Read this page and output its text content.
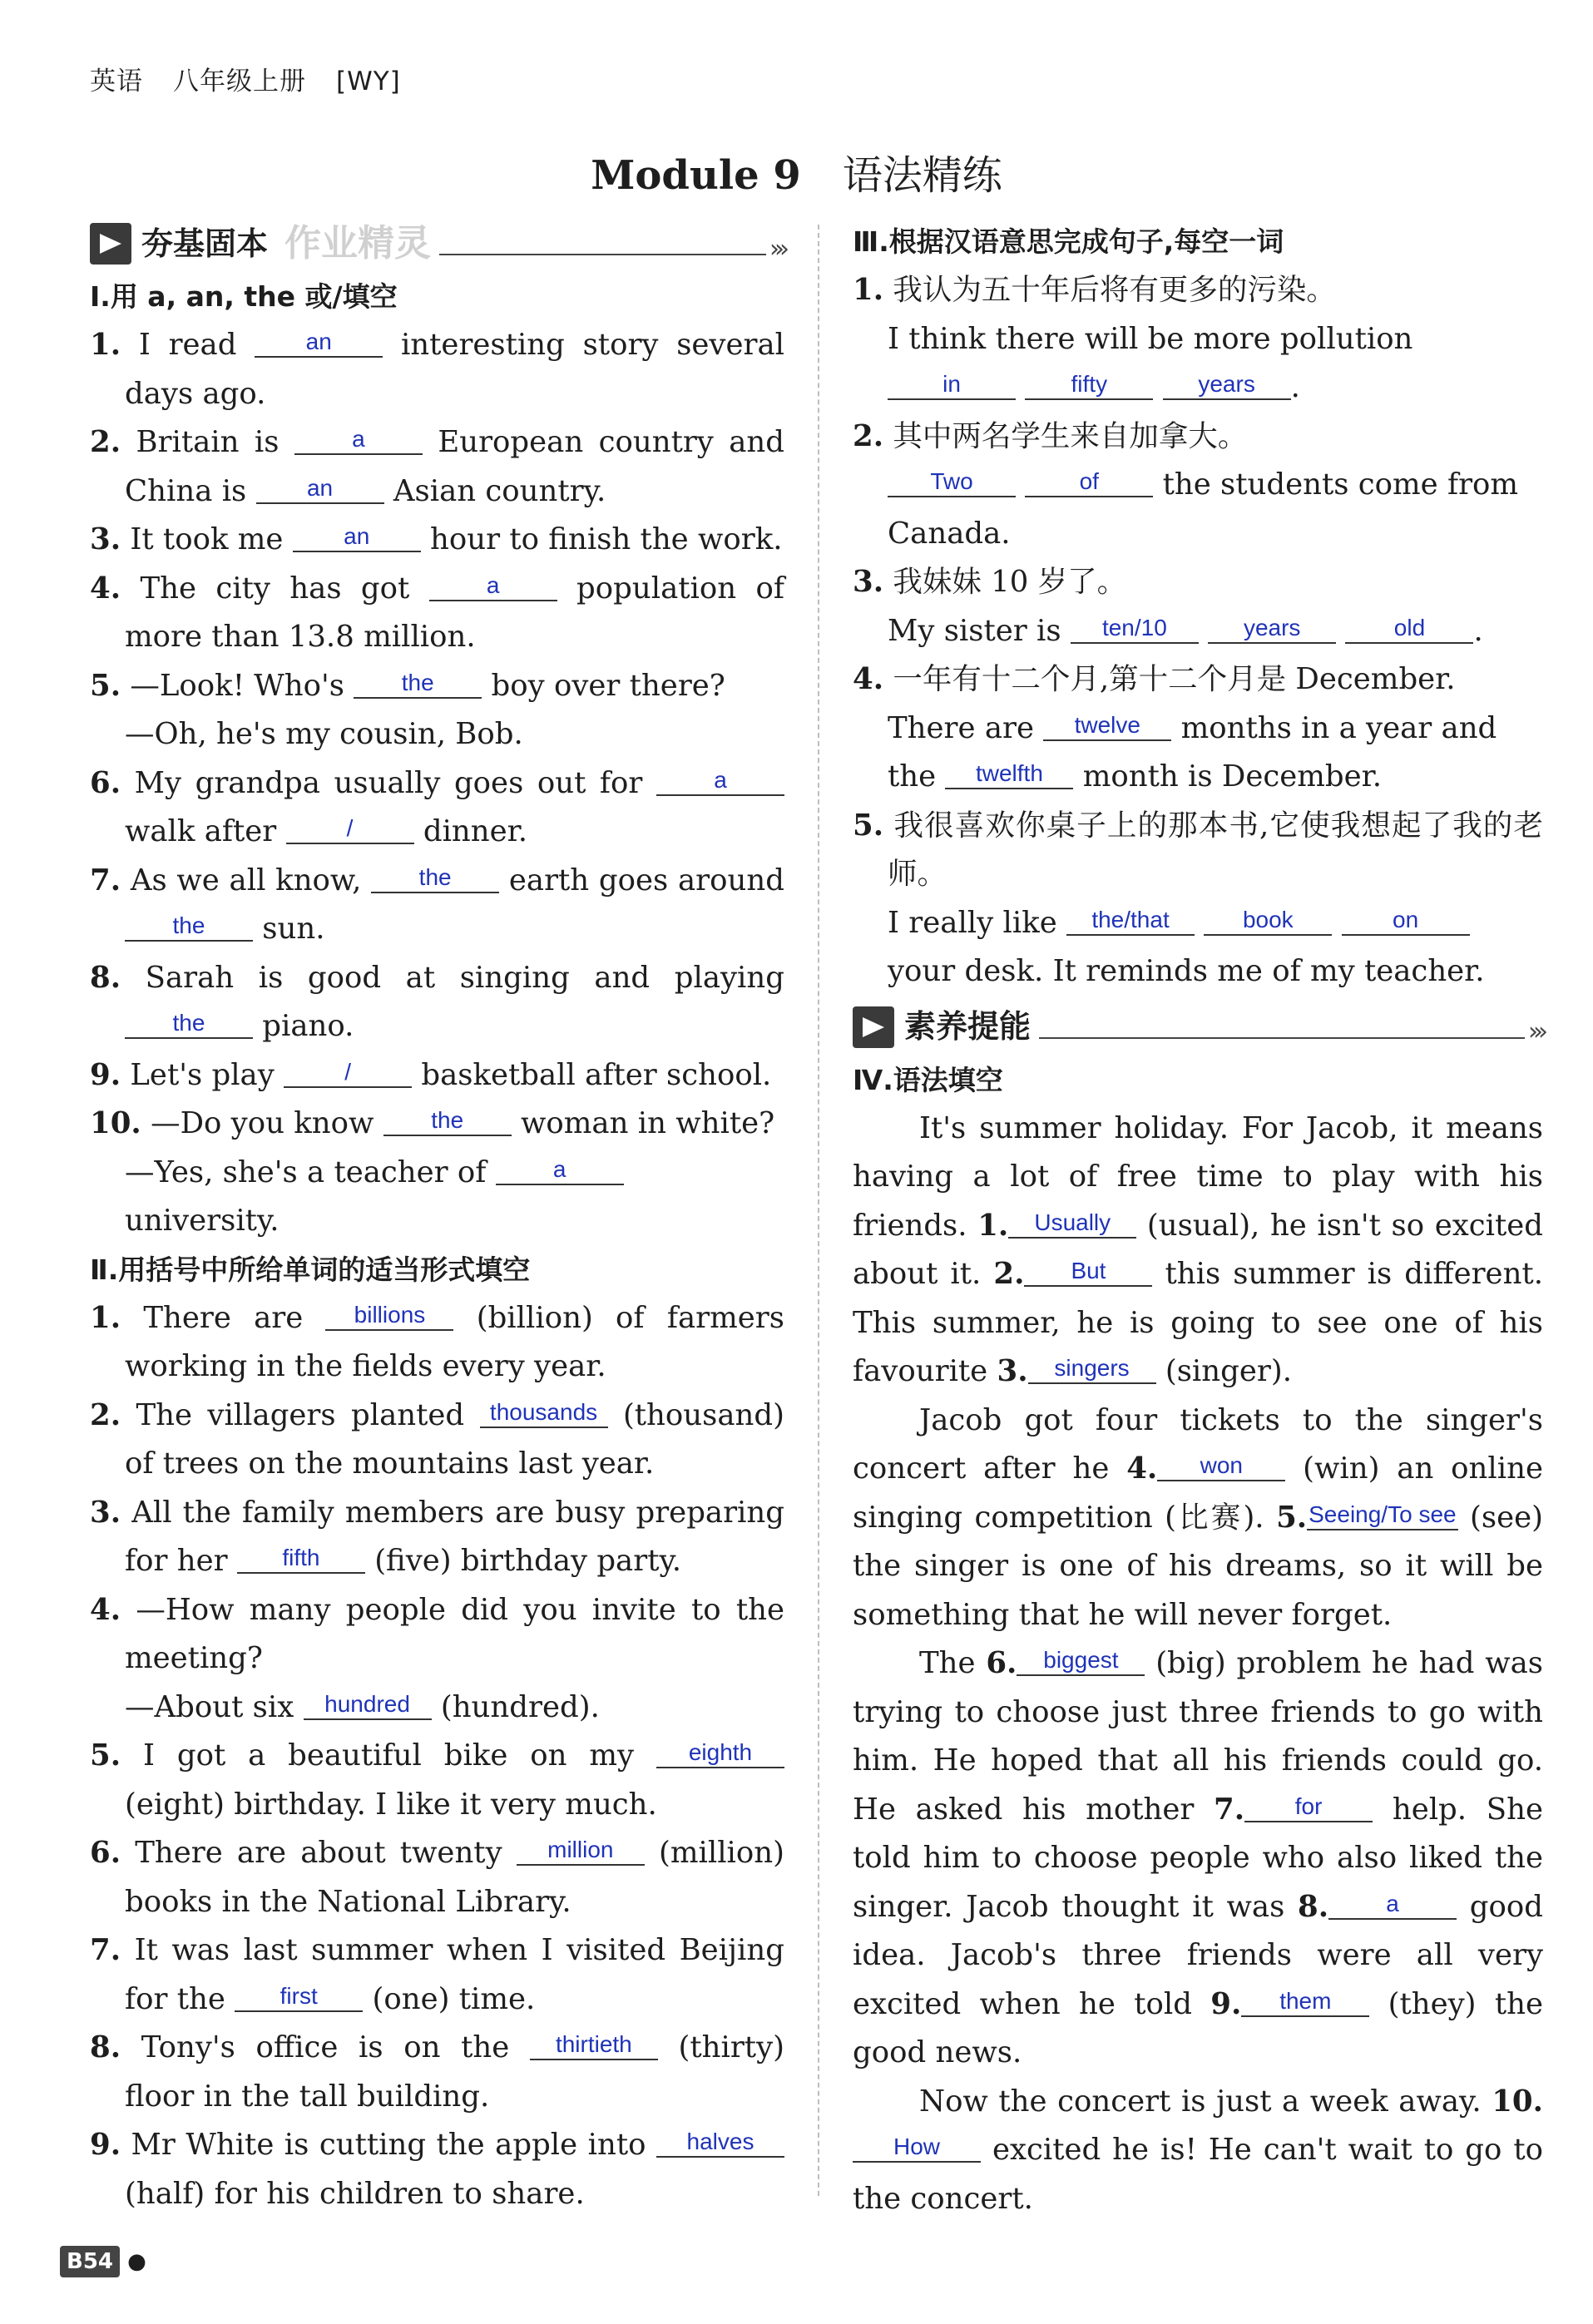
英语 八年级上册 [WY]
Module 9 语法精练
夯基固本 作业精灵	›››
Ⅰ.用 a, an, the 或/填空
1. I read	an interesting story several days ago.
2. Britain is	a European country and China is	an Asian country.
3. It took me	an hour to finish the work.
4. The city has got	a	population of more than 13.8 million.
5. —Look! Who's the boy over there?
—Oh, he's my cousin, Bob.
6. My grandpa usually goes out for	a walk after	/ dinner.
7. As we all know, the earth goes around the sun.
8. Sarah is good at singing and playing the piano.
9. Let's play	/ basketball after school.
10. —Do you know the woman in white?
—Yes, she's a teacher of	a university.
Ⅱ.用括号中所给单词的适当形式填空
1. There are billions (billion) of farmers working in the fields every year.
2. The villagers planted thousands (thousand) of trees on the mountains last year.
3. All the family members are busy preparing for her fifth (five) birthday party.
4. —How many people did you invite to the meeting?
—About six hundred (hundred).
5. I got a beautiful bike on my eighth (eight) birthday. I like it very much.
6. There are about twenty million (million) books in the National Library.
7. It was last summer when I visited Beijing for the first (one) time.
8. Tony's office is on the thirtieth (thirty) floor in the tall building.
9. Mr White is cutting the apple into halves (half) for his children to share.
Ⅲ.根据汉语意思完成句子,每空一词
1. 我认为五十年后将有更多的污染。
I think there will be more pollution in	fifty	years .
2. 其中两名学生来自加拿大。
Two	of the students come from Canada.
3. 我妹妹 10 岁了。
My sister is ten/10	years	old .
4. 一年有十二个月,第十二个月是 December.
There are twelve months in a year and the twelfth month is December.
5. 我很喜欢你桌子上的那本书,它使我想起了我的老师。
I really like the/that	book	on your desk. It reminds me of my teacher.
素养提能	›››
Ⅳ.语法填空
It's summer holiday. For Jacob, it means having a lot of free time to play with his friends. 1. Usually (usual), he isn't so excited about it. 2. But this summer is different. This summer, he is going to see one of his favourite 3. singers (singer).
Jacob got four tickets to the singer's concert after he 4. won (win) an online singing competition (比赛). 5.Seeing/To see (see) the singer is one of his dreams, so it will be something that he will never forget.
The 6. biggest (big) problem he had was trying to choose just three friends to go with him. He hoped that all his friends could go. He asked his mother 7. for help. She told him to choose people who also liked the singer. Jacob thought it was 8. a good idea. Jacob's three friends were all very excited when he told 9. them (they) the good news.
Now the concert is just a week away. 10.How excited he is! He can't wait to go to the concert.
B54 ●
